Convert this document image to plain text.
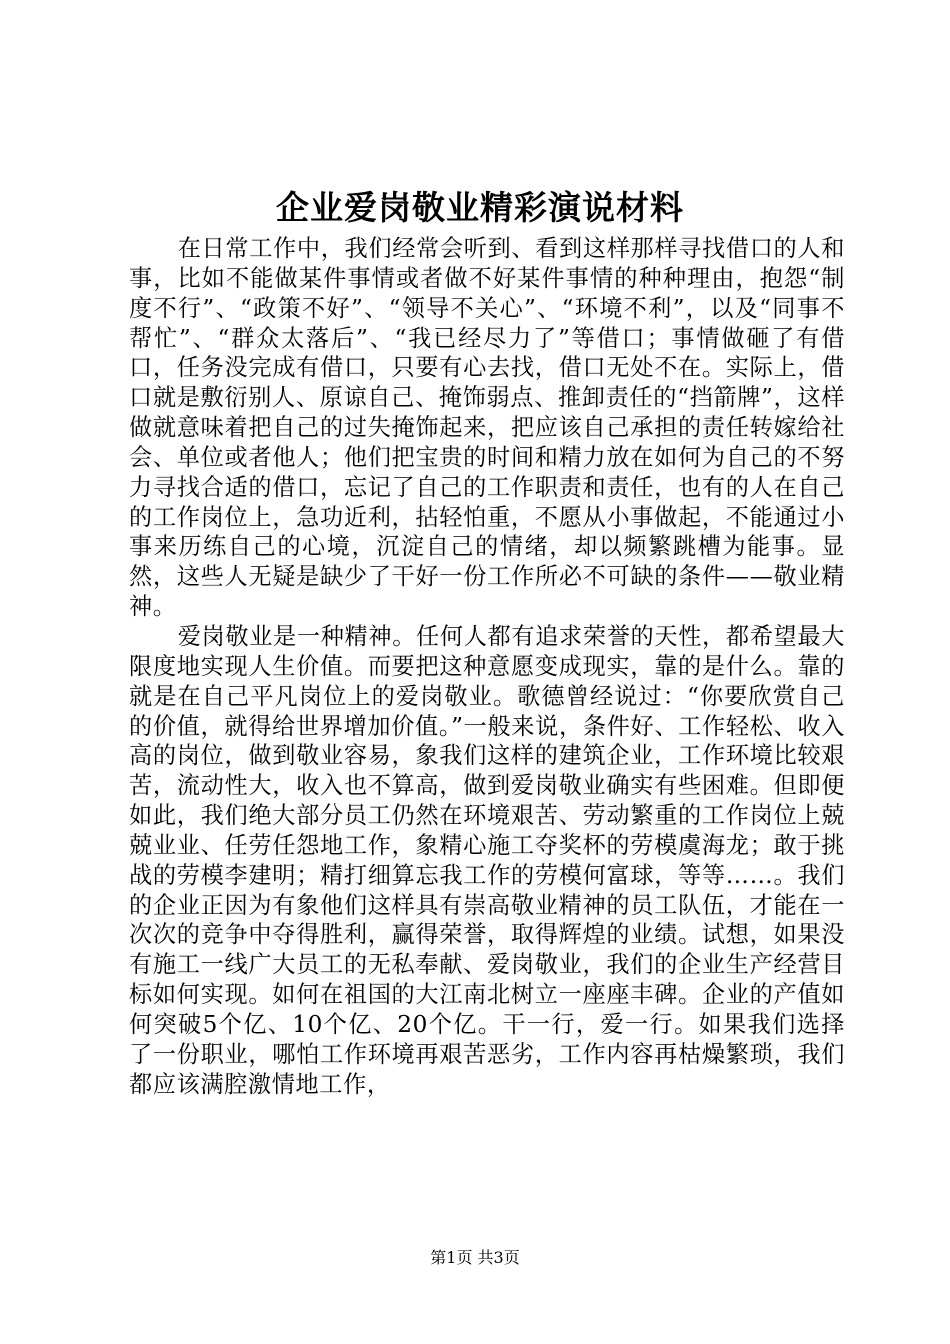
企业爱岗敬业精彩演说材料

在日常工作中，我们经常会听到、看到这样那样寻找借口的人和事，比如不能做某件事情或者做不好某件事情的种种理由，抱怨“制度不行”、“政策不好”、“领导不关心”、“环境不利”，以及“同事不帮忙”、“群众太落后”、“我已经尽力了”等借口；事情做砸了有借口，任务没完成有借口，只要有心去找，借口无处不在。实际上，借口就是敷衍别人、原谅自己、掩饰弱点、推卸责任的“挡箭牌”，这样做就意味着把自己的过失掩饰起来，把应该自己承担的责任转嫁给社会、单位或者他人；他们把宝贵的时间和精力放在如何为自己的不努力寻找合适的借口，忘记了自己的工作职责和责任，也有的人在自己的工作岗位上，急功近利，拈轻怕重，不愿从小事做起，不能通过小事来历练自己的心境，沉淀自己的情绪，却以频繁跳槽为能事。显然，这些人无疑是缺少了干好一份工作所必不可缺的条件——敬业精神。

爱岗敬业是一种精神。任何人都有追求荣誉的天性，都希望最大限度地实现人生价值。而要把这种意愿变成现实，靠的是什么。靠的就是在自己平凡岗位上的爱岗敬业。歌德曾经说过：“你要欣赏自己的价值，就得给世界增加价值。”一般来说，条件好、工作轻松、收入高的岗位，做到敬业容易，象我们这样的建筑企业，工作环境比较艰苦，流动性大，收入也不算高，做到爱岗敬业确实有些困难。但即便如此，我们绝大部分员工仍然在环境艰苦、劳动繁重的工作岗位上兢兢业业、任劳任怨地工作，象精心施工夺奖杯的劳模虞海龙；敢于挑战的劳模李建明；精打细算忘我工作的劳模何富球，等等……。我们的企业正因为有象他们这样具有崇高敬业精神的员工队伍，才能在一次次的竞争中夺得胜利，赢得荣誉，取得辉煌的业绩。试想，如果没有施工一线广大员工的无私奉献、爱岗敬业，我们的企业生产经营目标如何实现。如何在祖国的大江南北树立一座座丰碑。企业的产值如何突破5个亿、10个亿、20个亿。干一行，爱一行。如果我们选择了一份职业，哪怕工作环境再艰苦恶劣，工作内容再枯燥繁琐，我们都应该满腔激情地工作，

第1页 共3页
